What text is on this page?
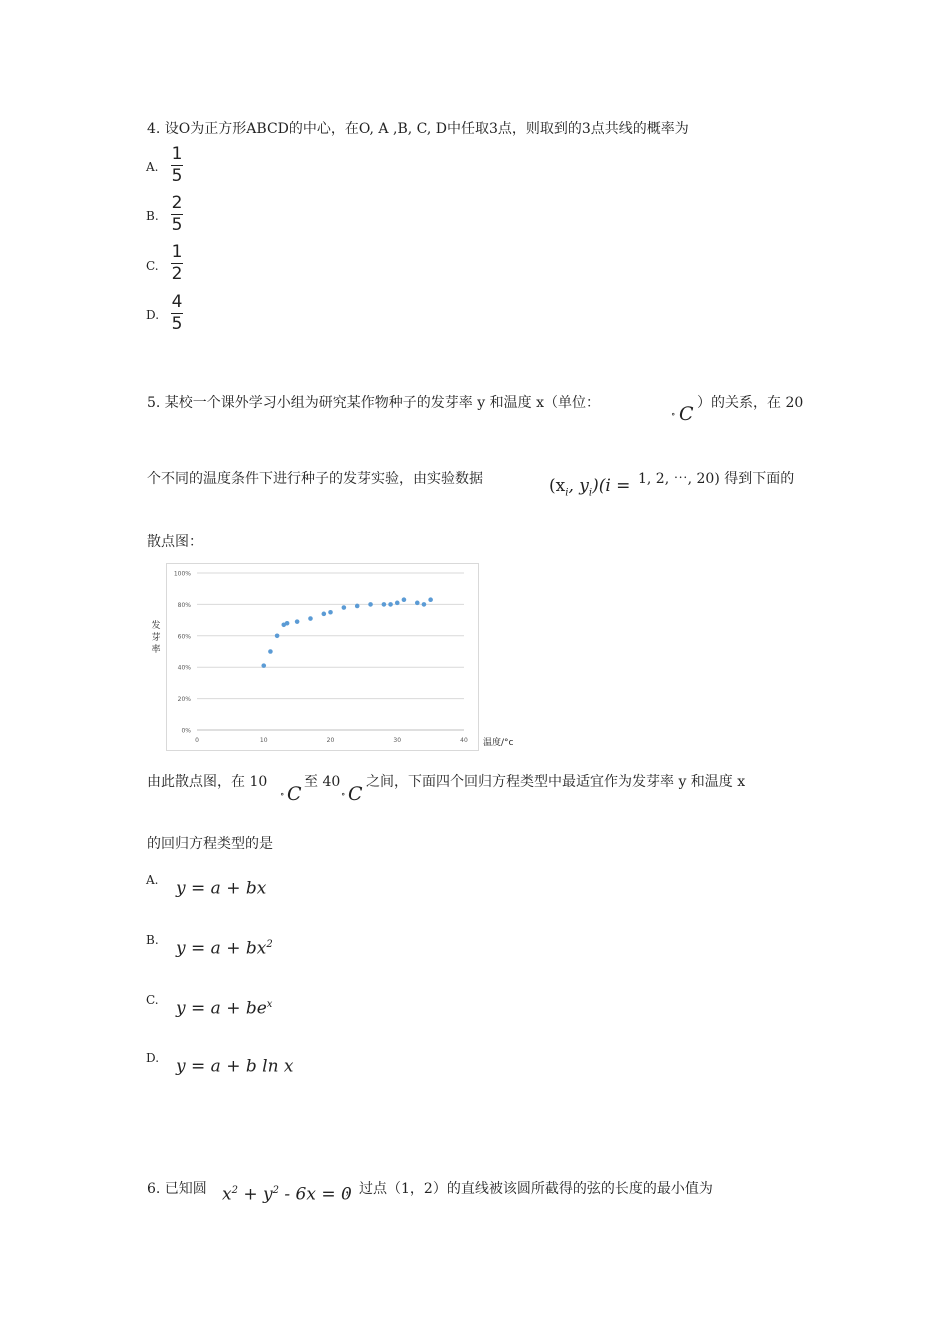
4. 设O为正方形ABCD的中心，在O, A ,B, C, D中任取3点，则取到的3点共线的概率为
A.
1
5
B.
2
5
C.
1
2
D.
4
5
5. 某校一个课外学习小组为研究某作物种子的发芽率 y 和温度 x（单位：
∘ C ）的关系，在 20
个不同的温度条件下进行种子的发芽实验，由实验数据	($x_i$, $y_i)(i = 1$, 2, ⋯, 20) 得到下面的
散点图：
0%
20%
40%
60%
80%
100%
0	10	20	30	40
发芽率
温度/°c
由此散点图，在 10
∘ C
至 40
∘ C
之间，下面四个回归方程类型中最适宜作为发芽率 y 和温度 x
的回归方程类型的是
A. y = a + bx
B. $y = a + bx^2$
C. $y = a + be^x$
D. y = a + b ln x
6. 已知圆 $x^2 + y^2 - 6x = 0$
，过点（1，2）的直线被该圆所截得的弦的长度的最小值为
